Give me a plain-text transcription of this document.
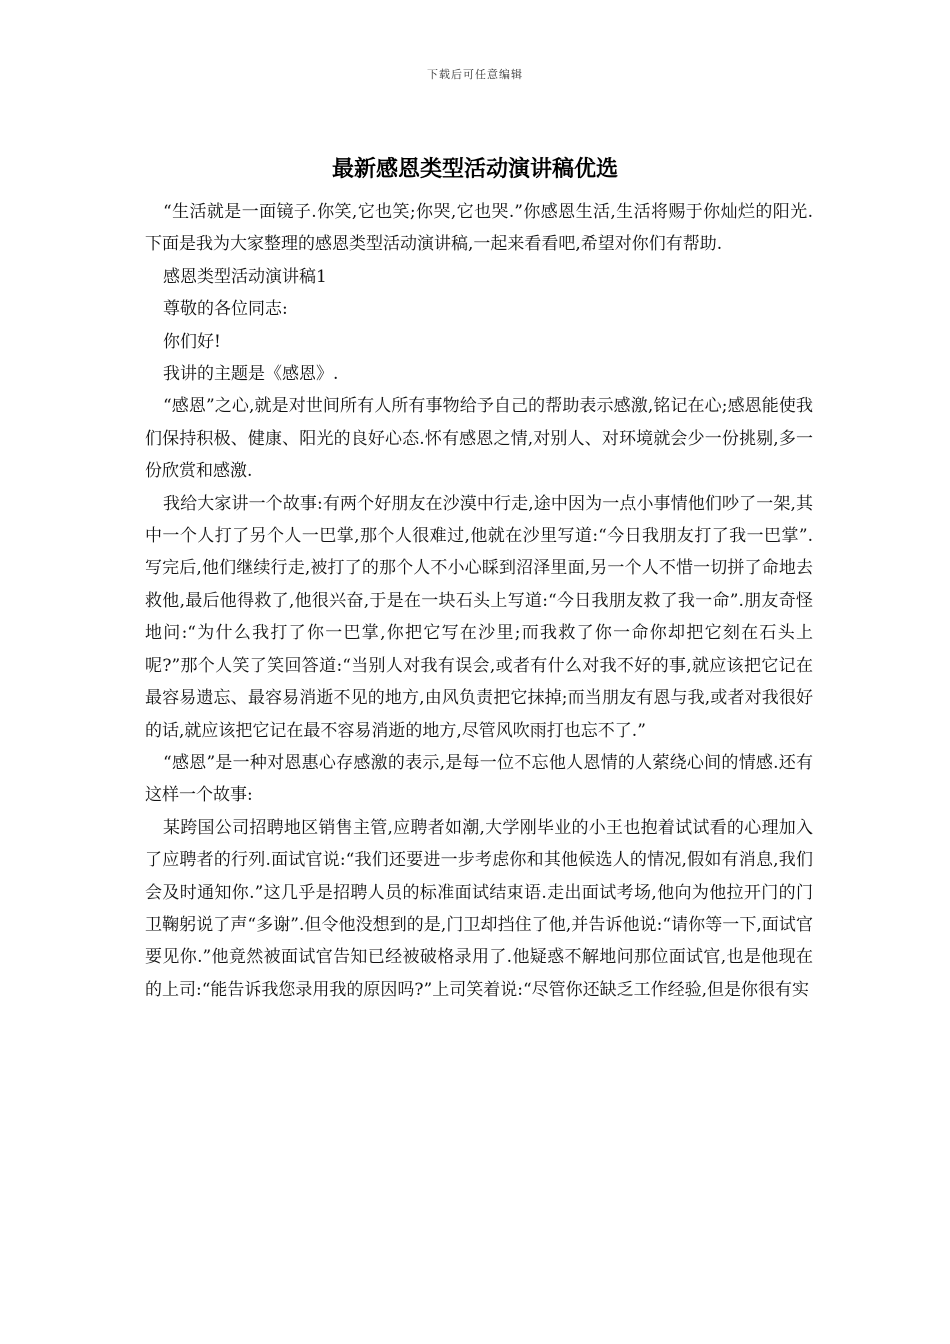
下载后可任意编辑
最新感恩类型活动演讲稿优选

“生活就是一面镜子.你笑,它也笑;你哭,它也哭.”你感恩生活,生活将赐于你灿烂的阳光.下面是我为大家整理的感恩类型活动演讲稿,一起来看看吧,希望对你们有帮助.

感恩类型活动演讲稿1

尊敬的各位同志:

你们好!

我讲的主题是《感恩》.

“感恩”之心,就是对世间所有人所有事物给予自己的帮助表示感激,铭记在心;感恩能使我们保持积极、健康、阳光的良好心态.怀有感恩之情,对别人、对环境就会少一份挑剔,多一份欣赏和感激.

我给大家讲一个故事:有两个好朋友在沙漠中行走,途中因为一点小事情他们吵了一架,其中一个人打了另个人一巴掌,那个人很难过,他就在沙里写道:“今日我朋友打了我一巴掌”.写完后,他们继续行走,被打了的那个人不小心睬到沼泽里面,另一个人不惜一切拼了命地去救他,最后他得救了,他很兴奋,于是在一块石头上写道:“今日我朋友救了我一命”.朋友奇怪地问:“为什么我打了你一巴掌,你把它写在沙里;而我救了你一命你却把它刻在石头上呢?”那个人笑了笑回答道:“当别人对我有误会,或者有什么对我不好的事,就应该把它记在最容易遗忘、最容易消逝不见的地方,由风负责把它抹掉;而当朋友有恩与我,或者对我很好的话,就应该把它记在最不容易消逝的地方,尽管风吹雨打也忘不了.”

“感恩”是一种对恩惠心存感激的表示,是每一位不忘他人恩情的人萦绕心间的情感.还有这样一个故事:

某跨国公司招聘地区销售主管,应聘者如潮,大学刚毕业的小王也抱着试试看的心理加入了应聘者的行列.面试官说:“我们还要进一步考虑你和其他候选人的情况,假如有消息,我们会及时通知你.”这几乎是招聘人员的标准面试结束语.走出面试考场,他向为他拉开门的门卫鞠躬说了声“多谢”.但令他没想到的是,门卫却挡住了他,并告诉他说:“请你等一下,面试官要见你.”他竟然被面试官告知已经被破格录用了.他疑惑不解地问那位面试官,也是他现在的上司:“能告诉我您录用我的原因吗?”上司笑着说:“尽管你还缺乏工作经验,但是你很有实
